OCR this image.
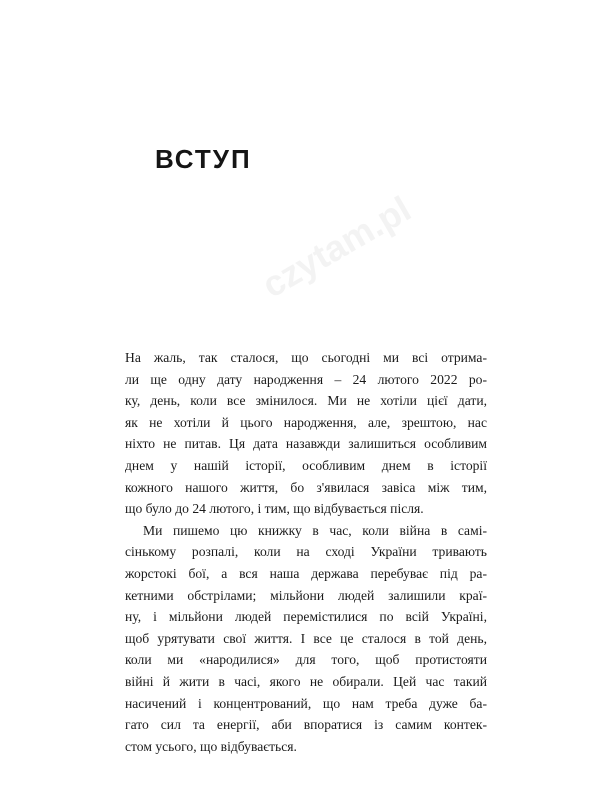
czytam.pl
ВСТУП
На жаль, так сталося, що сьогодні ми всі отрима-
ли ще одну дату народження – 24 лютого 2022 ро-
ку, день, коли все змінилося. Ми не хотіли цієї дати,
як не хотіли й цього народження, але, зрештою, нас
ніхто не питав. Ця дата назавжди залишиться особливим
днем у нашій історії, особливим днем в історії
кожного нашого життя, бо з'явилася завіса між тим,
що було до 24 лютого, і тим, що відбувається після.
Ми пишемо цю книжку в час, коли війна в самі-
сінькому розпалі, коли на сході України тривають
жорстокі бої, а вся наша держава перебуває під ра-
кетними обстрілами; мільйони людей залишили краї-
ну, і мільйони людей перемістилися по всій Україні,
щоб урятувати свої життя. І все це сталося в той день,
коли ми «народилися» для того, щоб протистояти
війні й жити в часі, якого не обирали. Цей час такий
насичений і концентрований, що нам треба дуже ба-
гато сил та енергії, аби впоратися із самим контек-
стом усього, що відбувається.
